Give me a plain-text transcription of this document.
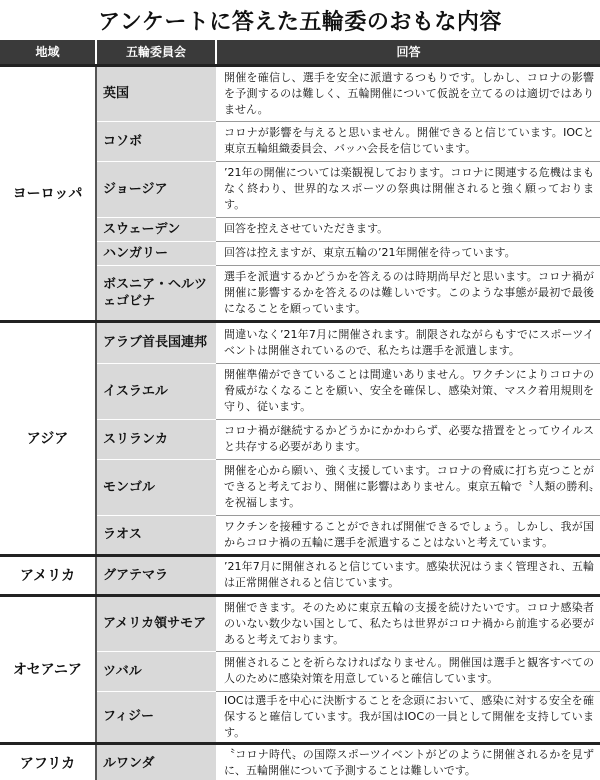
アンケートに答えた五輪委のおもな内容
地域	五輪委員会	回答
ヨーロッパ	英国	開催を確信し、選手を安全に派遣するつもりです。しかし、コロナの影響を予測するのは難しく、五輪開催について仮説を立てるのは適切ではありません。
	コソボ	コロナが影響を与えると思いません。開催できると信じています。IOCと東京五輪組織委員会、バッハ会長を信じています。
	ジョージア	’21年の開催については楽観視しております。コロナに関連する危機はまもなく終わり、世界的なスポーツの祭典は開催されると強く願っております。
	スウェーデン	回答を控えさせていただきます。
	ハンガリー	回答は控えますが、東京五輪の’21年開催を待っています。
	ボスニア・ヘルツェゴビナ	選手を派遣するかどうかを答えるのは時期尚早だと思います。コロナ禍が開催に影響するかを答えるのは難しいです。このような事態が最初で最後になることを願っています。
アジア	アラブ首長国連邦	間違いなく’21年7月に開催されます。制限されながらもすでにスポーツイベントは開催されているので、私たちは選手を派遣します。
	イスラエル	開催準備ができていることは間違いありません。ワクチンによりコロナの脅威がなくなることを願い、安全を確保し、感染対策、マスク着用規則を守り、従います。
	スリランカ	コロナ禍が継続するかどうかにかかわらず、必要な措置をとってウイルスと共存する必要があります。
	モンゴル	開催を心から願い、強く支援しています。コロナの脅威に打ち克つことができると考えており、開催に影響はありません。東京五輪で〝人類の勝利〟を祝福します。
	ラオス	ワクチンを接種することができれば開催できるでしょう。しかし、我が国からコロナ禍の五輪に選手を派遣することはないと考えています。
アメリカ	グアテマラ	’21年7月に開催されると信じています。感染状況はうまく管理され、五輪は正常開催されると信じています。
オセアニア	アメリカ領サモア	開催できます。そのために東京五輪の支援を続けたいです。コロナ感染者のいない数少ない国として、私たちは世界がコロナ禍から前進する必要があると考えております。
	ツバル	開催されることを祈らなければなりません。開催国は選手と観客すべての人のために感染対策を用意していると確信しています。
	フィジー	IOCは選手を中心に決断することを念頭において、感染に対する安全を確保すると確信しています。我が国はIOCの一員として開催を支持しています。
アフリカ	ルワンダ	〝コロナ時代〟の国際スポーツイベントがどのように開催されるかを見ずに、五輪開催について予測することは難しいです。
